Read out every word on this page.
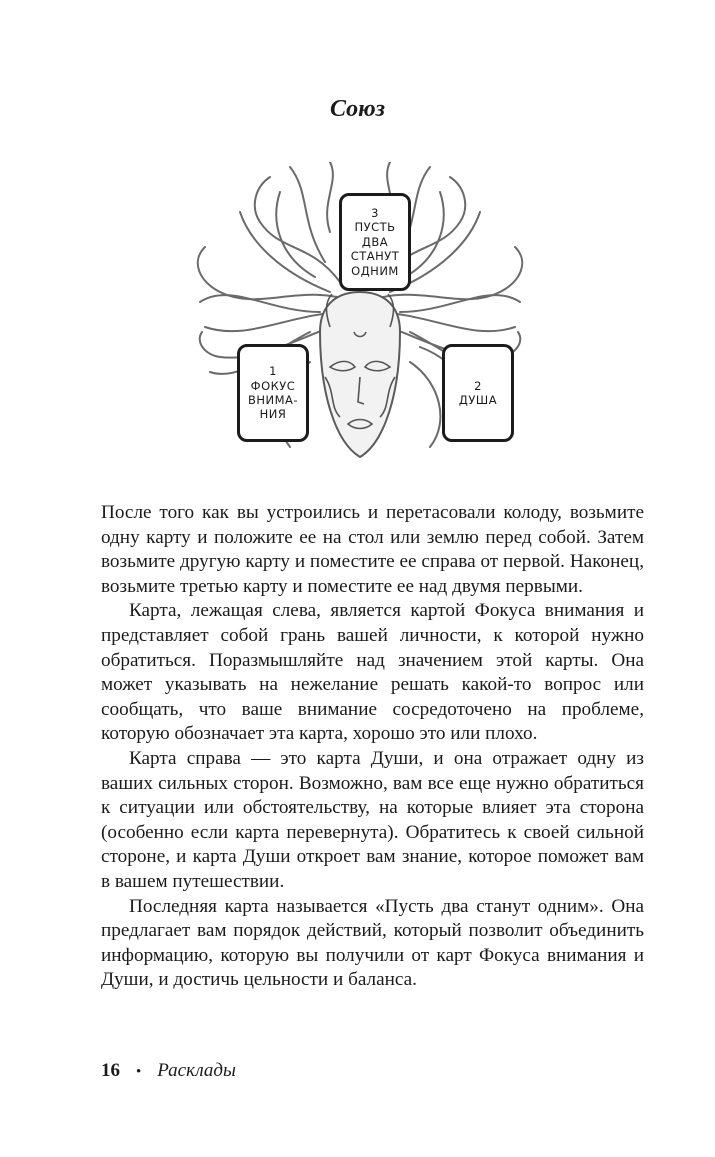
Союз
3
ПУСТЬ
ДВА
СТАНУТ
ОДНИМ
1
ФОКУС
ВНИМА-
НИЯ
2
ДУША

После того как вы устроились и перетасовали колоду, возьмите одну карту и положите ее на стол или землю перед собой. Затем возьмите другую карту и поместите ее справа от первой. Наконец, возьмите третью карту и поместите ее над двумя первыми.

Карта, лежащая слева, является картой Фокуса внимания и представляет собой грань вашей личности, к которой нужно обратиться. Поразмышляйте над значением этой карты. Она может указывать на нежелание решать какой-то вопрос или сообщать, что ваше внимание сосредоточено на проблеме, которую обозначает эта карта, хорошо это или плохо.

Карта справа — это карта Души, и она отражает одну из ваших сильных сторон. Возможно, вам все еще нужно обратиться к ситуации или обстоятельству, на которые влияет эта сторона (особенно если карта перевернута). Обратитесь к своей сильной стороне, и карта Души откроет вам знание, которое поможет вам в вашем путешествии.

Последняя карта называется «Пусть два станут одним». Она предлагает вам порядок действий, который позволит объединить информацию, которую вы получили от карт Фокуса внимания и Души, и достичь цельности и баланса.

16 • Расклады
